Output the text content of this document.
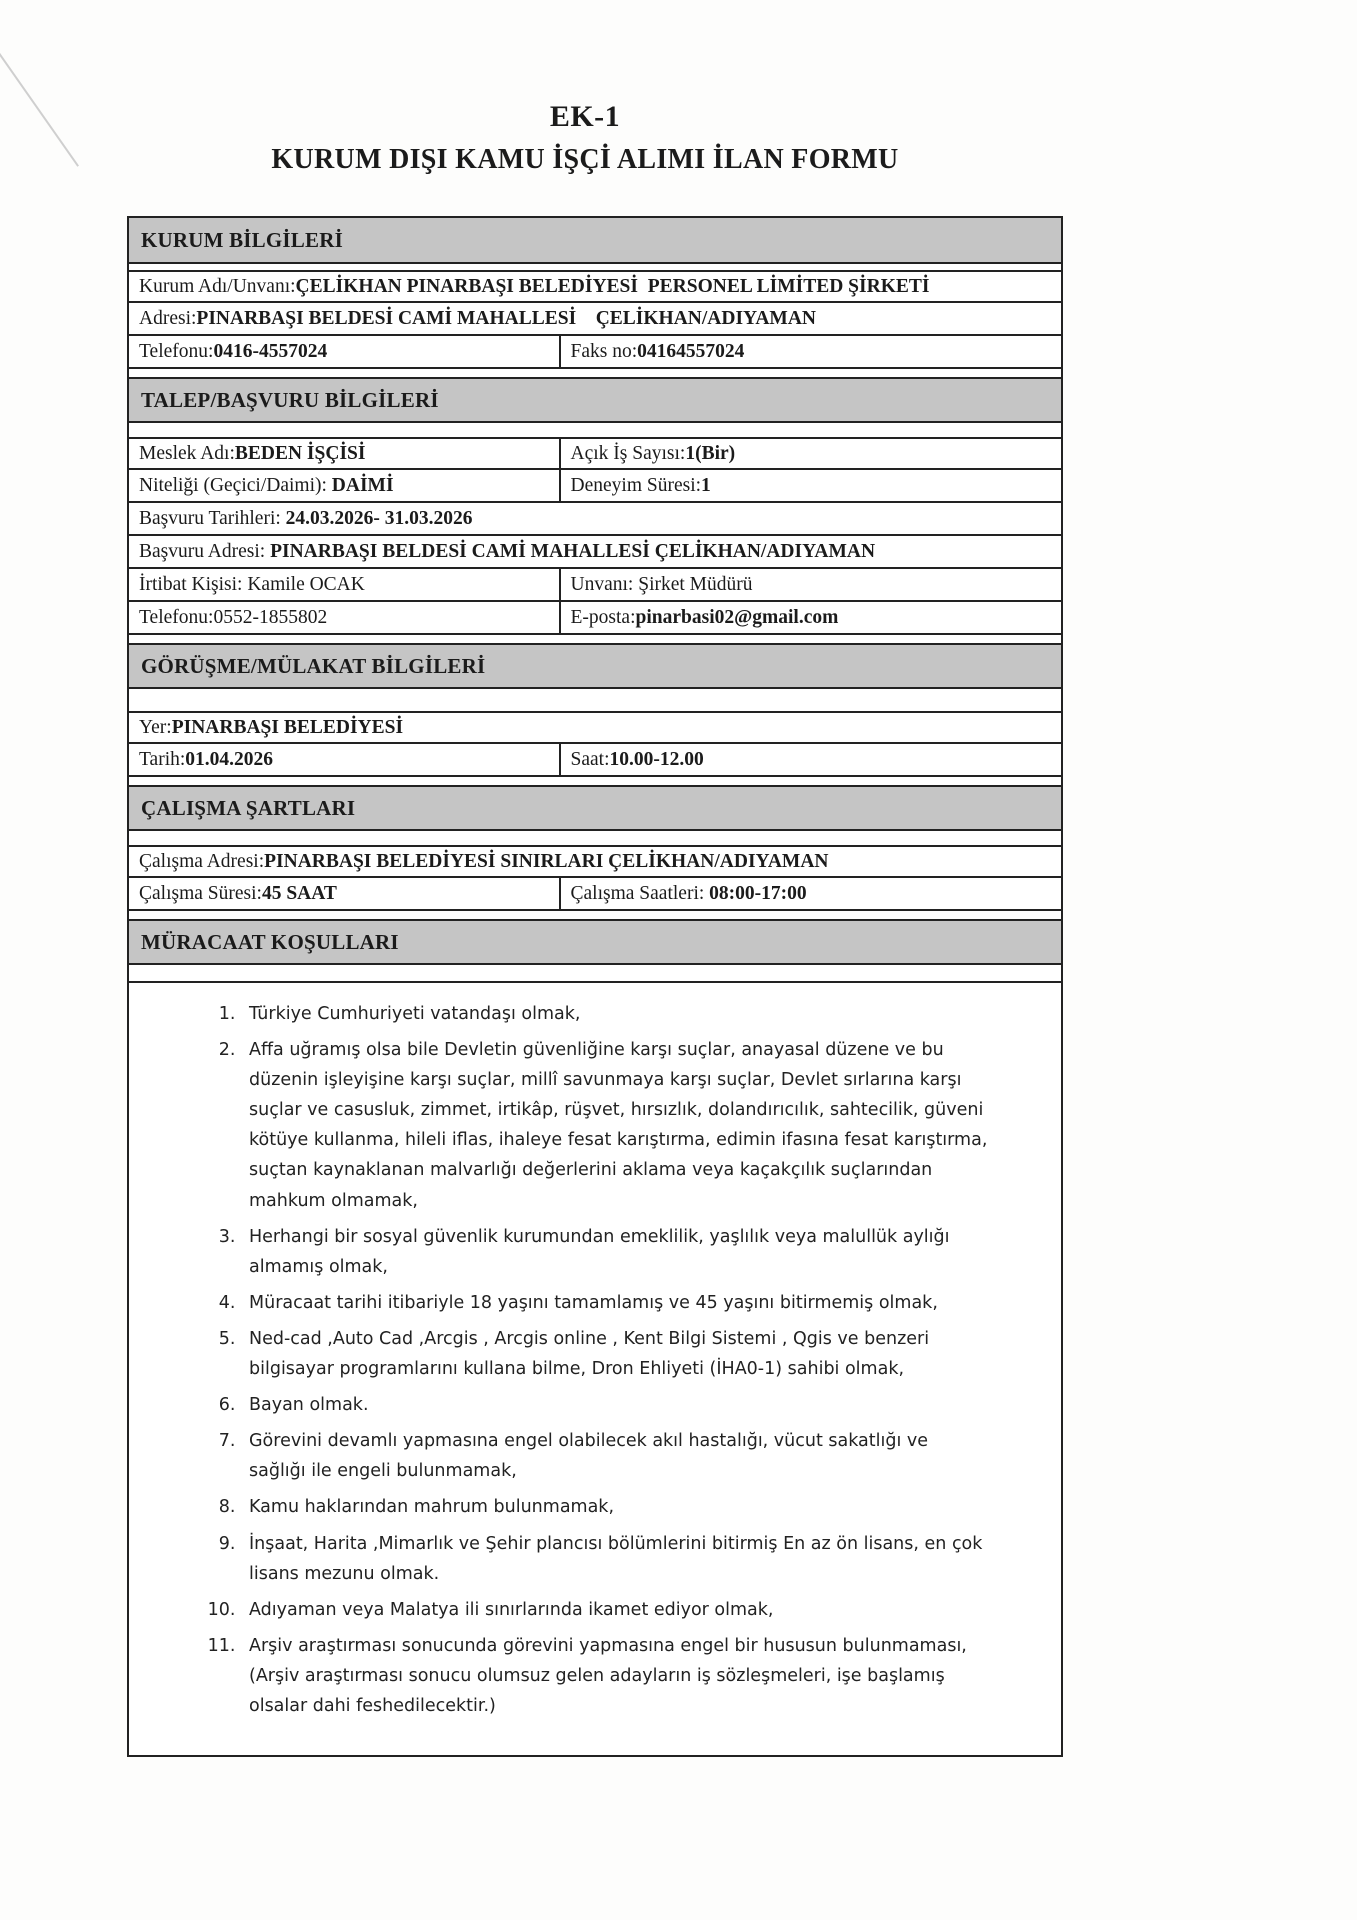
EK-1
KURUM DIŞI KAMU İŞÇİ ALIMI İLAN FORMU
KURUM BİLGİLERİ
Kurum Adı/Unvanı: ÇELİKHAN PINARBAŞI BELEDİYESİ  PERSONEL LİMİTED ŞİRKETİ
Adresi: PINARBAŞI BELDESİ CAMİ MAHALLESİ    ÇELİKHAN/ADIYAMAN
Telefonu: 0416-4557024	Faks no: 04164557024
TALEP/BAŞVURU BİLGİLERİ
Meslek Adı: BEDEN İŞÇİSİ	Açık İş Sayısı: 1(Bir)
Niteliği (Geçici/Daimi): DAİMİ	Deneyim Süresi: 1
Başvuru Tarihleri: 24.03.2026- 31.03.2026
Başvuru Adresi: PINARBAŞI BELDESİ CAMİ MAHALLESİ ÇELİKHAN/ADIYAMAN
İrtibat Kişisi: Kamile OCAK	Unvanı: Şirket Müdürü
Telefonu: 0552-1855802	E-posta: pinarbasi02@gmail.com
GÖRÜŞME/MÜLAKAT BİLGİLERİ
Yer: PINARBAŞI BELEDİYESİ
Tarih: 01.04.2026	Saat: 10.00-12.00
ÇALIŞMA ŞARTLARI
Çalışma Adresi: PINARBAŞI BELEDİYESİ SINIRLARI ÇELİKHAN/ADIYAMAN
Çalışma Süresi: 45 SAAT	Çalışma Saatleri: 08:00-17:00
MÜRACAAT KOŞULLARI
1. Türkiye Cumhuriyeti vatandaşı olmak,
2. Affa uğramış olsa bile Devletin güvenliğine karşı suçlar, anayasal düzene ve bu düzenin işleyişine karşı suçlar, millî savunmaya karşı suçlar, Devlet sırlarına karşı suçlar ve casusluk, zimmet, irtikâp, rüşvet, hırsızlık, dolandırıcılık, sahtecilik, güveni kötüye kullanma, hileli iflas, ihaleye fesat karıştırma, edimin ifasına fesat karıştırma, suçtan kaynaklanan malvarlığı değerlerini aklama veya kaçakçılık suçlarından mahkum olmamak,
3. Herhangi bir sosyal güvenlik kurumundan emeklilik, yaşlılık veya malullük aylığı almamış olmak,
4. Müracaat tarihi itibariyle 18 yaşını tamamlamış ve 45 yaşını bitirmemiş olmak,
5. Ned-cad ,Auto Cad ,Arcgis , Arcgis online , Kent Bilgi Sistemi , Qgis ve benzeri bilgisayar programlarını kullana bilme, Dron Ehliyeti (İHA0-1) sahibi olmak,
6. Bayan olmak.
7. Görevini devamlı yapmasına engel olabilecek akıl hastalığı, vücut sakatlığı ve sağlığı ile engeli bulunmamak,
8. Kamu haklarından mahrum bulunmamak,
9. İnşaat, Harita ,Mimarlık ve Şehir plancısı bölümlerini bitirmiş En az ön lisans, en çok lisans mezunu olmak.
10. Adıyaman veya Malatya ili sınırlarında ikamet ediyor olmak,
11. Arşiv araştırması sonucunda görevini yapmasına engel bir hususun bulunmaması, (Arşiv araştırması sonucu olumsuz gelen adayların iş sözleşmeleri, işe başlamış olsalar dahi feshedilecektir.)
